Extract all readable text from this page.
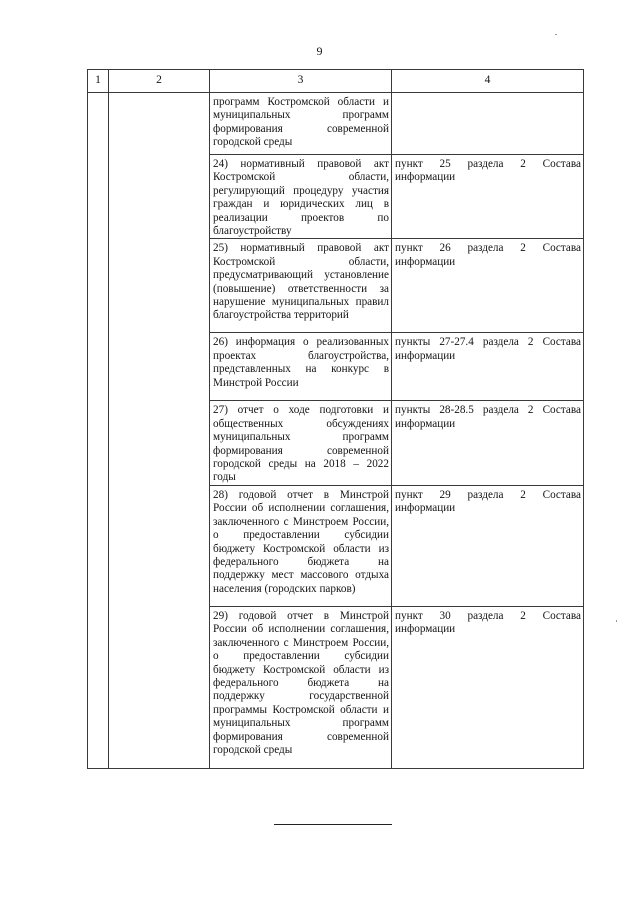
9
1	2	3	4

		программ Костромской области и муниципальных программ формирования современной городской среды	

		24) нормативный правовой акт Костромской области, регулирующий процедуру участия граждан и юридических лиц в реализации проектов по благоустройству	пункт 25 раздела 2 Состава информации

		25) нормативный правовой акт Костромской области, предусматривающий установление (повышение) ответственности за нарушение муниципальных правил благоустройства территорий	пункт 26 раздела 2 Состава информации

		26) информация о реализованных проектах благоустройства, представленных на конкурс в Минстрой России	пункты 27-27.4 раздела 2 Состава информации

		27) отчет о ходе подготовки и общественных обсуждениях муниципальных программ формирования современной городской среды на 2018 – 2022 годы	пункты 28-28.5 раздела 2 Состава информации

		28) годовой отчет в Минстрой России об исполнении соглашения, заключенного с Минстроем России, о предоставлении субсидии бюджету Костромской области из федерального бюджета на поддержку мест массового отдыха населения (городских парков)	пункт 29 раздела 2 Состава информации

		29) годовой отчет в Минстрой России об исполнении соглашения, заключенного с Минстроем России, о предоставлении субсидии бюджету Костромской области из федерального бюджета на поддержку государственной программы Костромской области и муниципальных программ формирования современной городской среды	пункт 30 раздела 2 Состава информации
